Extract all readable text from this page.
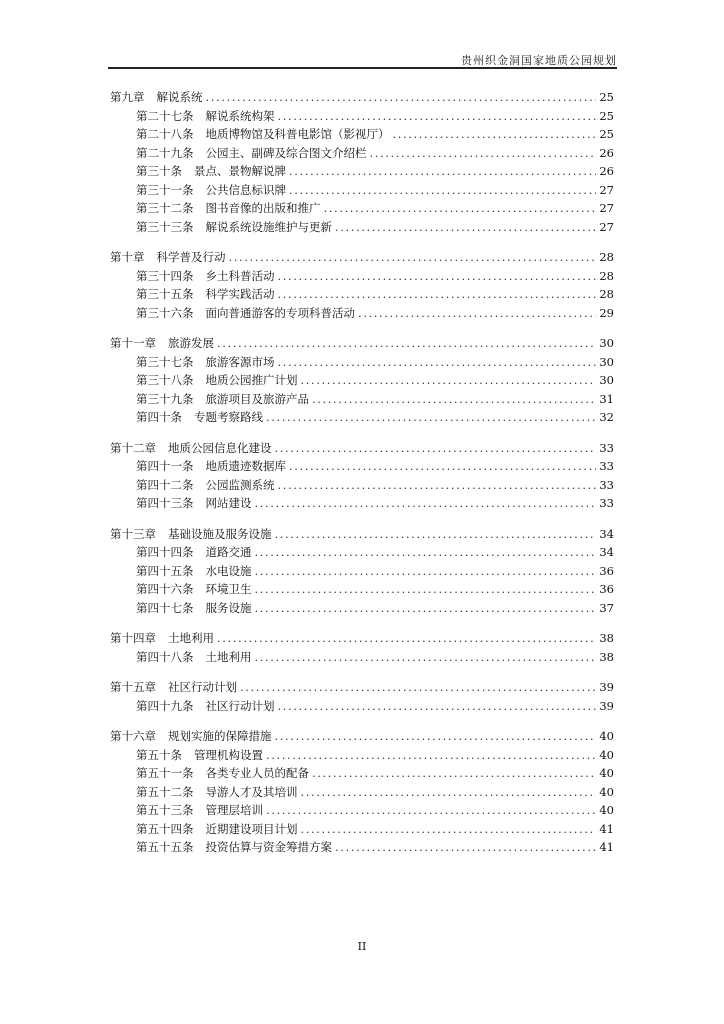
贵州织金洞国家地质公园规划
第九章 解说系统 .....	25
第二十七条 解说系统构架 .....	25
第二十八条 地质博物馆及科普电影馆（影视厅） .....	25
第二十九条 公园主、副碑及综合图文介绍栏 .....	26
第三十条 景点、景物解说牌 .....	26
第三十一条 公共信息标识牌 .....	27
第三十二条 图书音像的出版和推广 .....	27
第三十三条 解说系统设施维护与更新 .....	27
第十章 科学普及行动 .....	28
第三十四条 乡土科普活动 .....	28
第三十五条 科学实践活动 .....	28
第三十六条 面向普通游客的专项科普活动 .....	29
第十一章 旅游发展 .....	30
第三十七条 旅游客源市场 .....	30
第三十八条 地质公园推广计划 .....	30
第三十九条 旅游项目及旅游产品 .....	31
第四十条 专题考察路线 .....	32
第十二章 地质公园信息化建设 .....	33
第四十一条 地质遗迹数据库 .....	33
第四十二条 公园监测系统 .....	33
第四十三条 网站建设 .....	33
第十三章 基础设施及服务设施 .....	34
第四十四条 道路交通 .....	34
第四十五条 水电设施 .....	36
第四十六条 环境卫生 .....	36
第四十七条 服务设施 .....	37
第十四章 土地利用 .....	38
第四十八条 土地利用 .....	38
第十五章 社区行动计划 .....	39
第四十九条 社区行动计划 .....	39
第十六章 规划实施的保障措施 .....	40
第五十条 管理机构设置 .....	40
第五十一条 各类专业人员的配备 .....	40
第五十二条 导游人才及其培训 .....	40
第五十三条 管理层培训 .....	40
第五十四条 近期建设项目计划 .....	41
第五十五条 投资估算与资金筹措方案 .....	41
II
